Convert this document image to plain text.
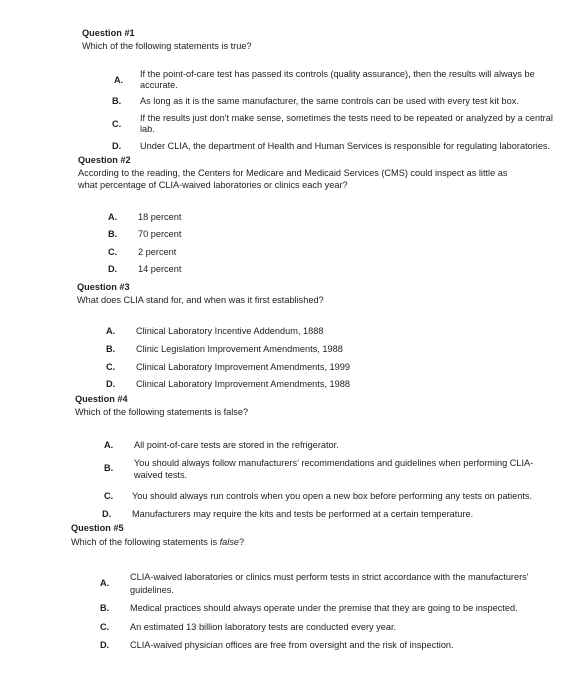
Question #1
Which of the following statements is true?
A.
If the point-of-care test has passed its controls (quality assurance), then the results will always be
accurate.
B. As long as it is the same manufacturer, the same controls can be used with every test kit box.
C.
If the results just don't make sense, sometimes the tests need to be repeated or analyzed by a central
lab.
D. Under CLIA, the department of Health and Human Services is responsible for regulating laboratories.
Question #2
According to the reading, the Centers for Medicare and Medicaid Services (CMS) could inspect as little as
what percentage of CLIA-waived laboratories or clinics each year?
A. 18 percent
B. 70 percent
C. 2 percent
D. 14 percent
Question #3
What does CLIA stand for, and when was it first established?
A. Clinical Laboratory Incentive Addendum, 1888
B. Clinic Legislation Improvement Amendments, 1988
C. Clinical Laboratory Improvement Amendments, 1999
D. Clinical Laboratory Improvement Amendments, 1988
Question #4
Which of the following statements is false?
A. All point-of-care tests are stored in the refrigerator.
B. You should always follow manufacturers' recommendations and guidelines when performing CLIA-
waived tests.
C. You should always run controls when you open a new box before performing any tests on patients.
D. Manufacturers may require the kits and tests be performed at a certain temperature.
Question #5
Which of the following statements is false?
A.
CLIA-waived laboratories or clinics must perform tests in strict accordance with the manufacturers'
guidelines.
B. Medical practices should always operate under the premise that they are going to be inspected.
C. An estimated 13 billion laboratory tests are conducted every year.
D. CLIA-waived physician offices are free from oversight and the risk of inspection.
